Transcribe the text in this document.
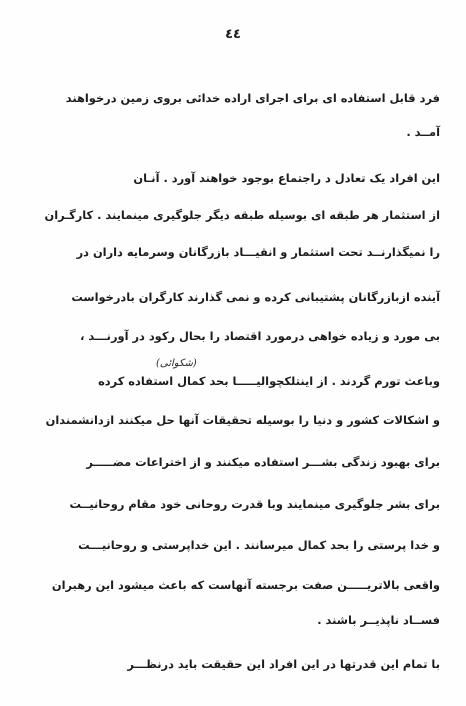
٤٤
فرد قابل استفاده ای برای اجرای اراده خدائی بروی زمین درخواهند
آمــد .
این افراد یک تعادل د راجتماع بوجود خواهند آورد . آنـان
از استثمار هر طبقه ای بوسیله طبقه دیگر جلوگیری مینمایند . کارگـران
را نمیگذارنــد تحت استثمار و انقیـــاد بازرگانان وسرمایه داران در
آینده ازبازرگانان پشتیبانی کرده و نمی گذارند کارگران بادرخواست
بی مورد و زیاده خواهی درمورد اقتصاد را بحال رکود در آورنـــد ،
(شکوائی)
وباعث تورم گردند . از اینتلکچوالیـــــا بحد کمال استفاده کرده
و اشکالات کشور و دنیا را بوسیله تحقیقات آنها حل میکنند ازدانشمندان
برای بهبود زندگی بشـــر استفاده میکنند و از اختراعات مضـــــر
برای بشر جلوگیری مینمایند وبا قدرت روحانی خود مقام روحانیــت
و خدا پرستی را بحد کمال میرسانند . این خداپرستی و روحانیـــت
واقعی بالاتریـــــن صفت برجسته آنهاست که باعث میشود این رهبران
فســاد ناپذیــر باشند .
با تمام این قدرتها در این افراد این حقیقت باید درنظـــر
